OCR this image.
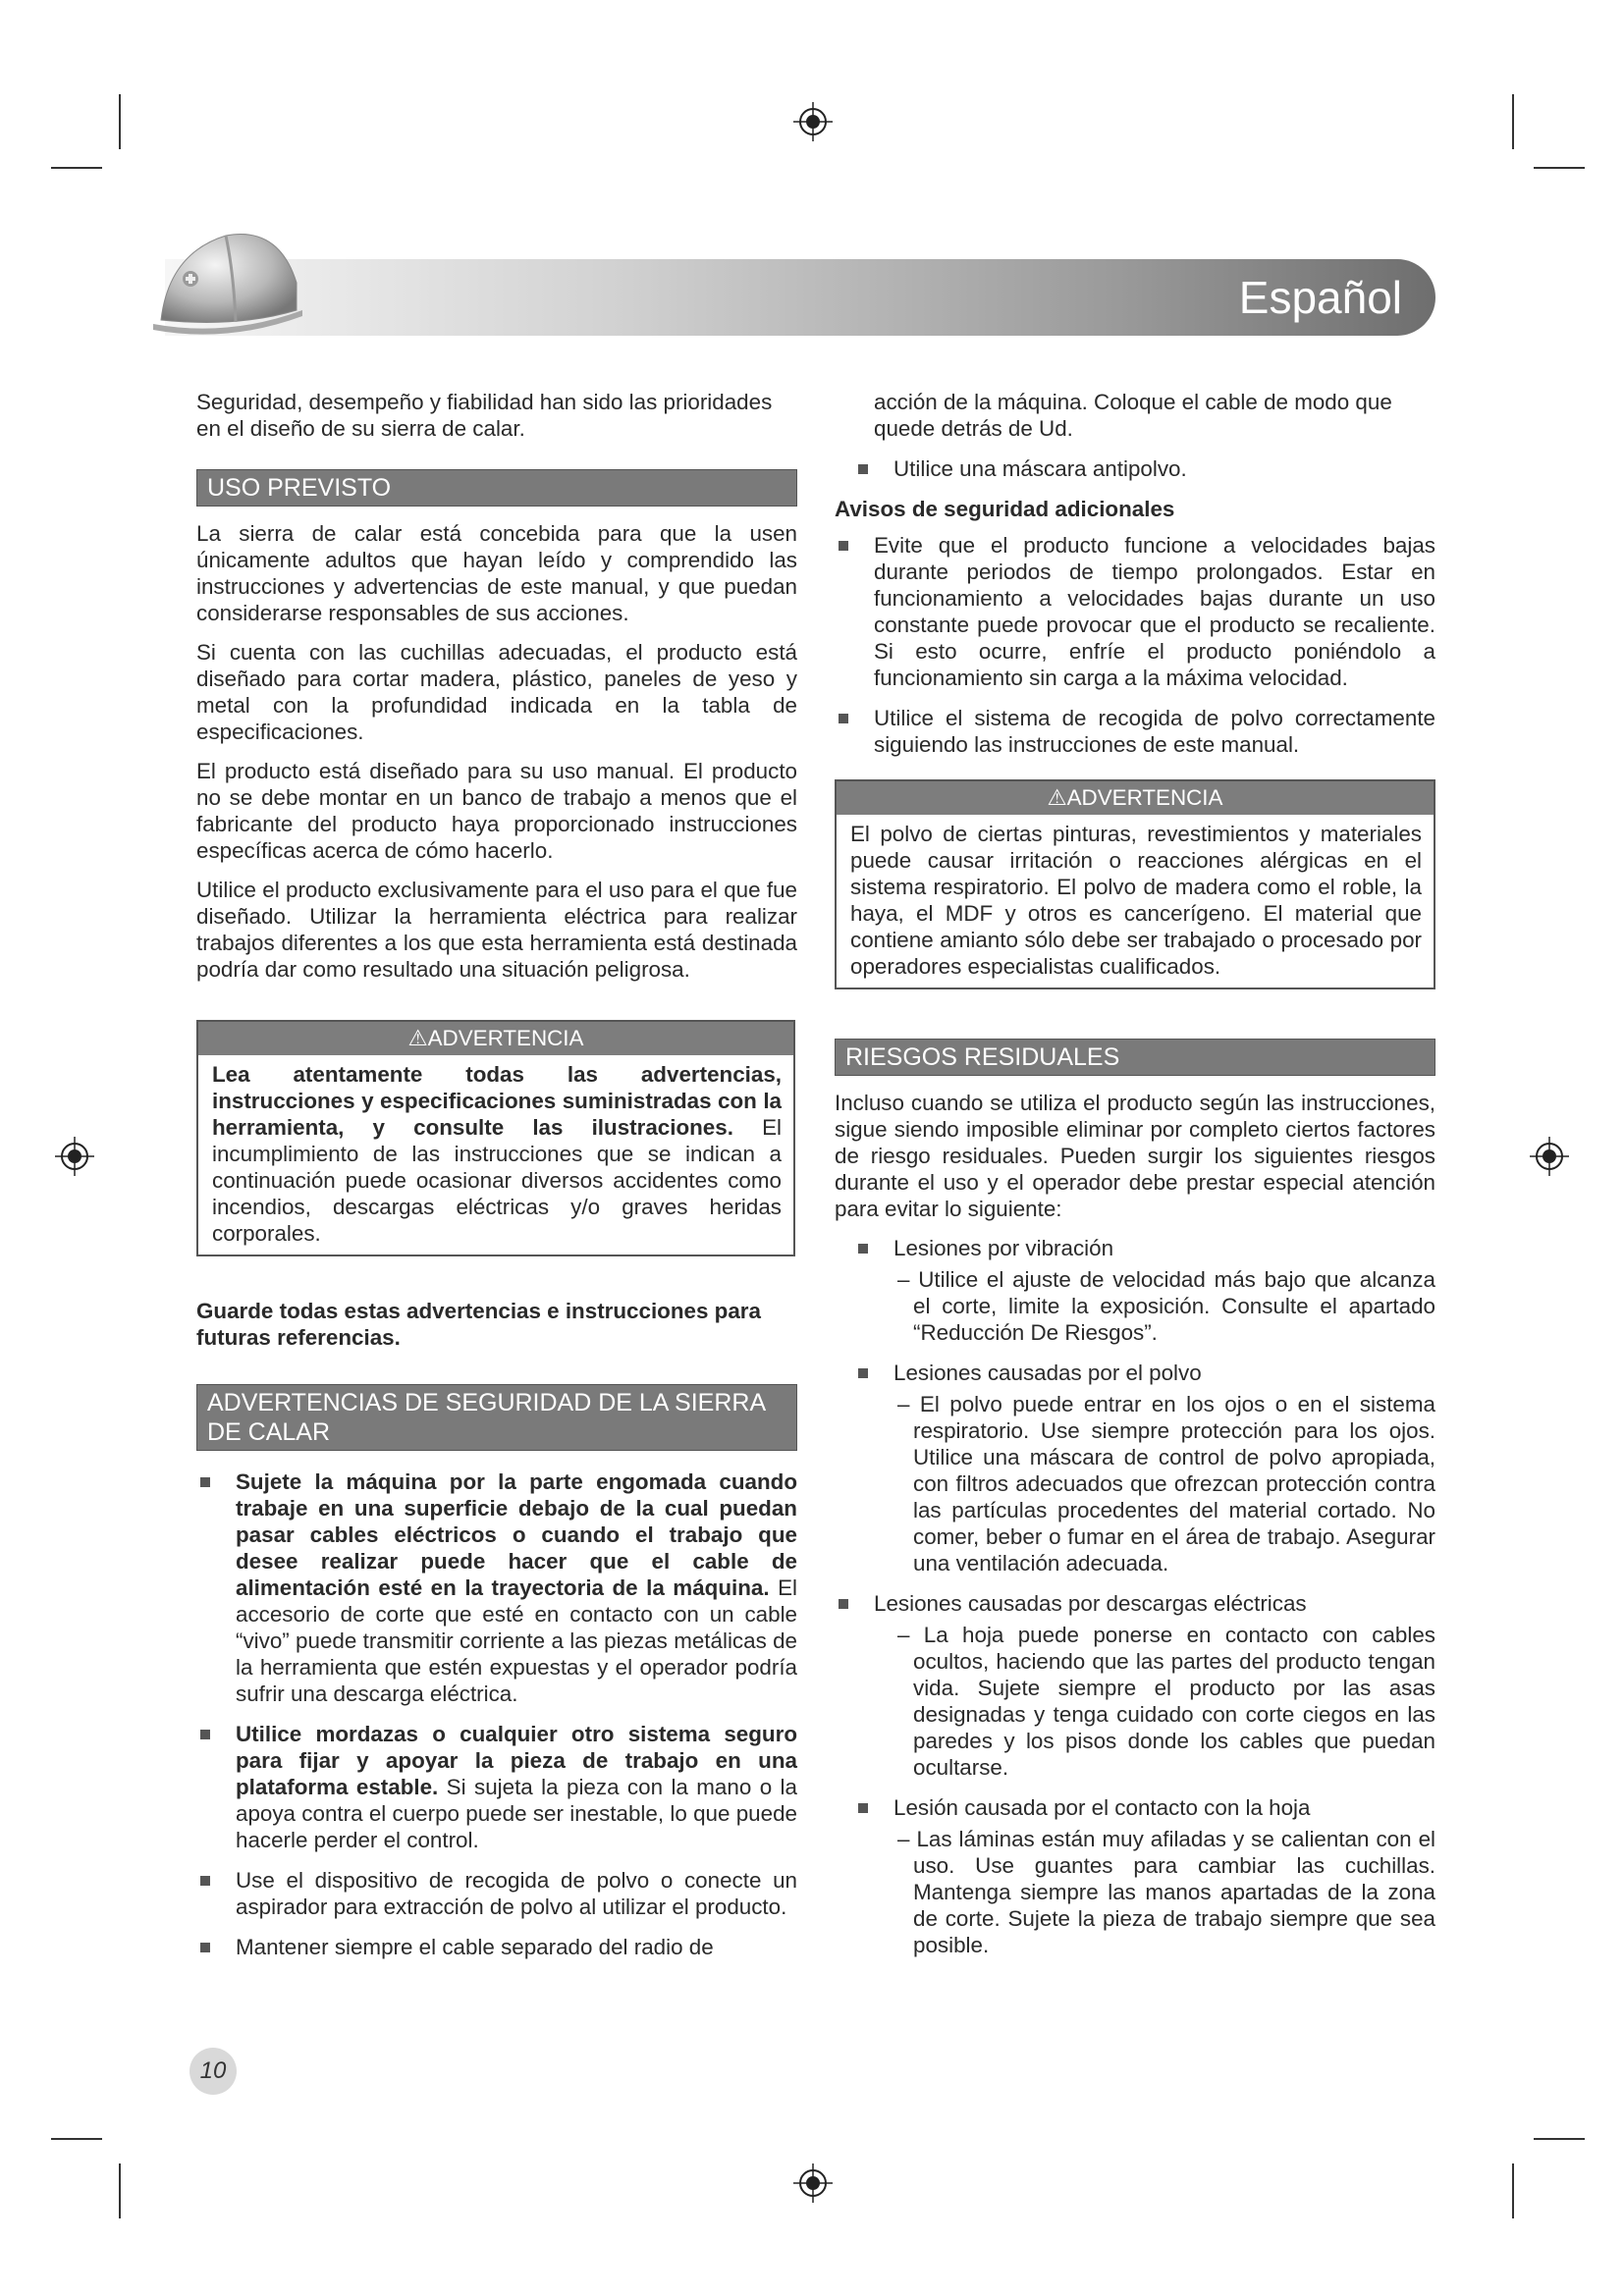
Español

Seguridad, desempeño y fiabilidad han sido las prioridades en el diseño de su sierra de calar.

USO PREVISTO

La sierra de calar está concebida para que la usen únicamente adultos que hayan leído y comprendido las instrucciones y advertencias de este manual, y que puedan considerarse responsables de sus acciones.

Si cuenta con las cuchillas adecuadas, el producto está diseñado para cortar madera, plástico, paneles de yeso y metal con la profundidad indicada en la tabla de especificaciones.

El producto está diseñado para su uso manual. El producto no se debe montar en un banco de trabajo a menos que el fabricante del producto haya proporcionado instrucciones específicas acerca de cómo hacerlo.

Utilice el producto exclusivamente para el uso para el que fue diseñado. Utilizar la herramienta eléctrica para realizar trabajos diferentes a los que esta herramienta está destinada podría dar como resultado una situación peligrosa.

⚠ADVERTENCIA

Lea atentamente todas las advertencias, instrucciones y especificaciones suministradas con la herramienta, y consulte las ilustraciones. El incumplimiento de las instrucciones que se indican a continuación puede ocasionar diversos accidentes como incendios, descargas eléctricas y/o graves heridas corporales.

Guarde todas estas advertencias e instrucciones para futuras referencias.

ADVERTENCIAS DE SEGURIDAD DE LA SIERRA DE CALAR
Sujete la máquina por la parte engomada cuando trabaje en una superficie debajo de la cual puedan pasar cables eléctricos o cuando el trabajo que desee realizar puede hacer que el cable de alimentación esté en la trayectoria de la máquina. El accesorio de corte que esté en contacto con un cable “vivo” puede transmitir corriente a las piezas metálicas de la herramienta que estén expuestas y el operador podría sufrir una descarga eléctrica.
Utilice mordazas o cualquier otro sistema seguro para fijar y apoyar la pieza de trabajo en una plataforma estable. Si sujeta la pieza con la mano o la apoya contra el cuerpo puede ser inestable, lo que puede hacerle perder el control.
Use el dispositivo de recogida de polvo o conecte un aspirador para extracción de polvo al utilizar el producto.
Mantener siempre el cable separado del radio de

acción de la máquina. Coloque el cable de modo que quede detrás de Ud.

Utilice una máscara antipolvo.

Avisos de seguridad adicionales

Evite que el producto funcione a velocidades bajas durante periodos de tiempo prolongados. Estar en funcionamiento a velocidades bajas durante un uso constante puede provocar que el producto se recaliente. Si esto ocurre, enfríe el producto poniéndolo a funcionamiento sin carga a la máxima velocidad.
Utilice el sistema de recogida de polvo correctamente siguiendo las instrucciones de este manual.
⚠ADVERTENCIA

El polvo de ciertas pinturas, revestimientos y materiales puede causar irritación o reacciones alérgicas en el sistema respiratorio. El polvo de madera como el roble, la haya, el MDF y otros es cancerígeno. El material que contiene amianto sólo debe ser trabajado o procesado por operadores especialistas cualificados.

RIESGOS RESIDUALES

Incluso cuando se utiliza el producto según las instrucciones, sigue siendo imposible eliminar por completo ciertos factores de riesgo residuales. Pueden surgir los siguientes riesgos durante el uso y el operador debe prestar especial atención para evitar lo siguiente:

Lesiones por vibración
– Utilice el ajuste de velocidad más bajo que alcanza el corte, limite la exposición. Consulte el apartado “Reducción De Riesgos”.
Lesiones causadas por el polvo
– El polvo puede entrar en los ojos o en el sistema respiratorio. Use siempre protección para los ojos. Utilice una máscara de control de polvo apropiada, con filtros adecuados que ofrezcan protección contra las partículas procedentes del material cortado. No comer, beber o fumar en el área de trabajo. Asegurar una ventilación adecuada.
Lesiones causadas por descargas eléctricas
– La hoja puede ponerse en contacto con cables ocultos, haciendo que las partes del producto tengan vida. Sujete siempre el producto por las asas designadas y tenga cuidado con corte ciegos en las paredes y los pisos donde los cables que puedan ocultarse.
Lesión causada por el contacto con la hoja
– Las láminas están muy afiladas y se calientan con el uso. Use guantes para cambiar las cuchillas. Mantenga siempre las manos apartadas de la zona de corte. Sujete la pieza de trabajo siempre que sea posible.
10
